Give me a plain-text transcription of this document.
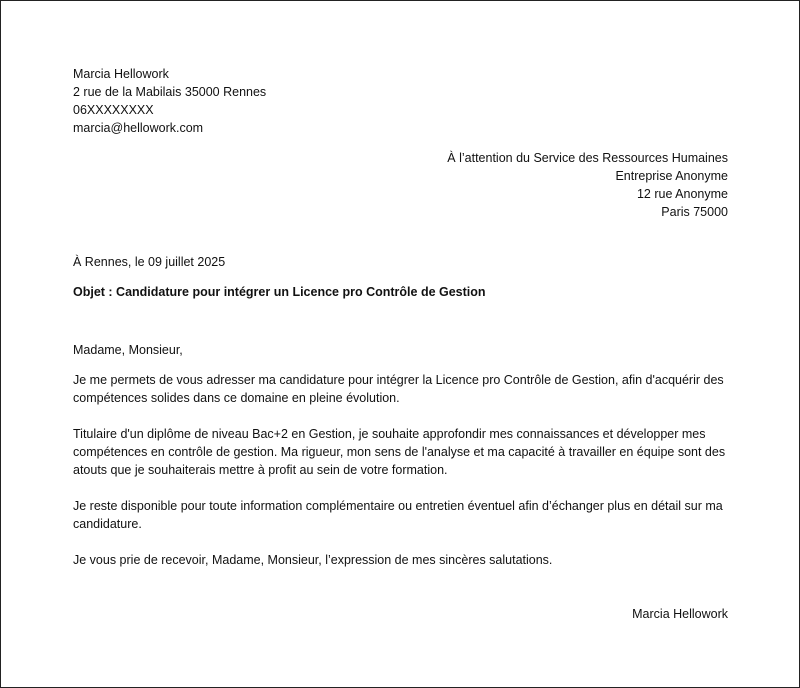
Marcia Hellowork
2 rue de la Mabilais 35000 Rennes
06XXXXXXXX
marcia@hellowork.com
À l’attention du Service des Ressources Humaines
Entreprise Anonyme
12 rue Anonyme
Paris 75000
À Rennes, le 09 juillet 2025
Objet : Candidature pour intégrer un Licence pro Contrôle de Gestion
Madame, Monsieur,
Je me permets de vous adresser ma candidature pour intégrer la Licence pro Contrôle de Gestion, afin d'acquérir des compétences solides dans ce domaine en pleine évolution.
Titulaire d'un diplôme de niveau Bac+2 en Gestion, je souhaite approfondir mes connaissances et développer mes compétences en contrôle de gestion. Ma rigueur, mon sens de l'analyse et ma capacité à travailler en équipe sont des atouts que je souhaiterais mettre à profit au sein de votre formation.
Je reste disponible pour toute information complémentaire ou entretien éventuel afin d’échanger plus en détail sur ma candidature.
Je vous prie de recevoir, Madame, Monsieur, l’expression de mes sincères salutations.
Marcia Hellowork
